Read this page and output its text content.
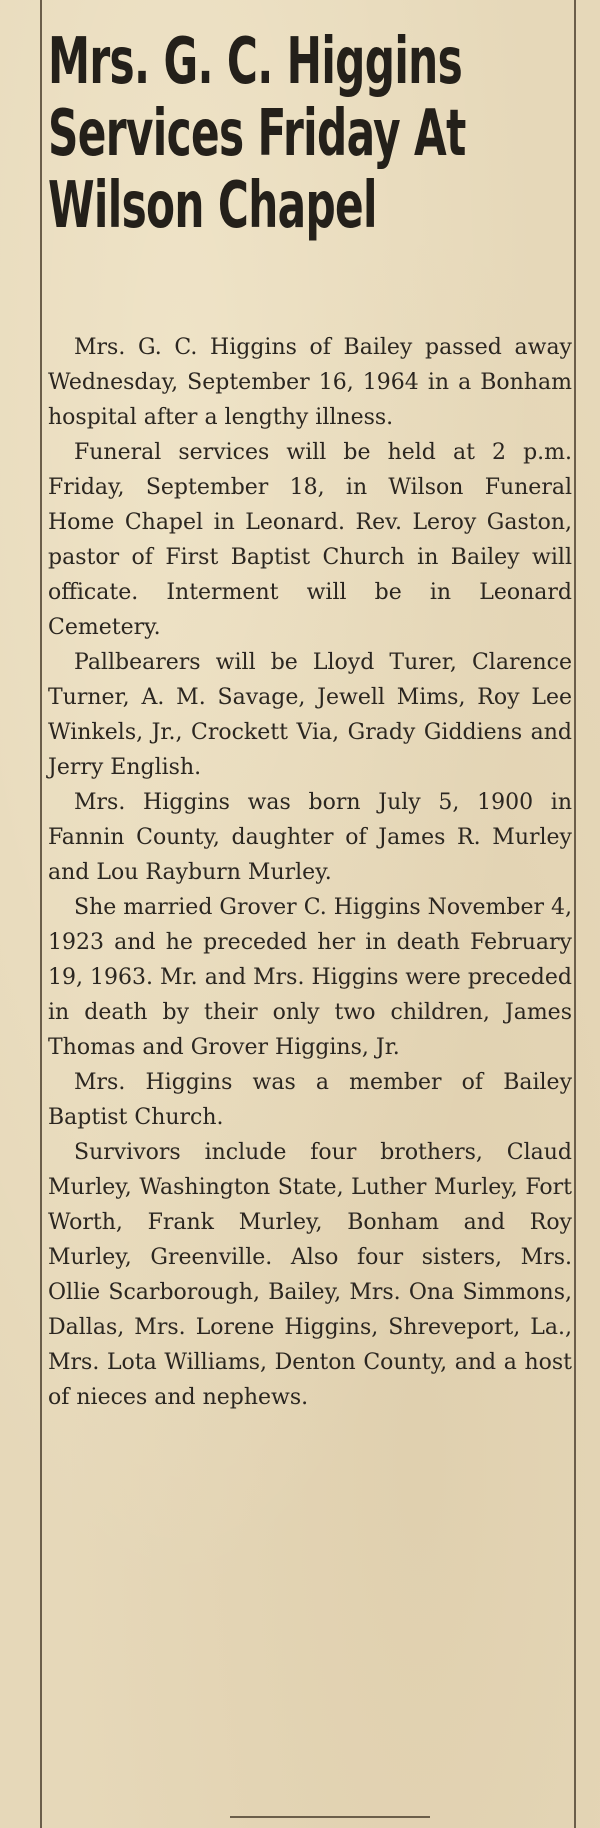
Mrs. G. C. Higgins
Services Friday At
Wilson Chapel

Mrs. G. C. Higgins of Bailey passed away Wednesday, September 16, 1964 in a Bonham hospital after a lengthy illness.

Funeral services will be held at 2 p.m. Friday, September 18, in Wilson Funeral Home Chapel in Leonard. Rev. Leroy Gaston, pastor of First Baptist Church in Bailey will officate. Interment will be in Leonard Cemetery.

Pallbearers will be Lloyd Turer, Clarence Turner, A. M. Savage, Jewell Mims, Roy Lee Winkels, Jr., Crockett Via, Grady Giddiens and Jerry English.

Mrs. Higgins was born July 5, 1900 in Fannin County, daughter of James R. Murley and Lou Rayburn Murley.

She married Grover C. Higgins November 4, 1923 and he preceded her in death February 19, 1963. Mr. and Mrs. Higgins were preceded in death by their only two children, James Thomas and Grover Higgins, Jr.

Mrs. Higgins was a member of Bailey Baptist Church.

Survivors include four brothers, Claud Murley, Washington State, Luther Murley, Fort Worth, Frank Murley, Bonham and Roy Murley, Greenville. Also four sisters, Mrs. Ollie Scarborough, Bailey, Mrs. Ona Simmons, Dallas, Mrs. Lorene Higgins, Shreveport, La., Mrs. Lota Williams, Denton County, and a host of nieces and nephews.
